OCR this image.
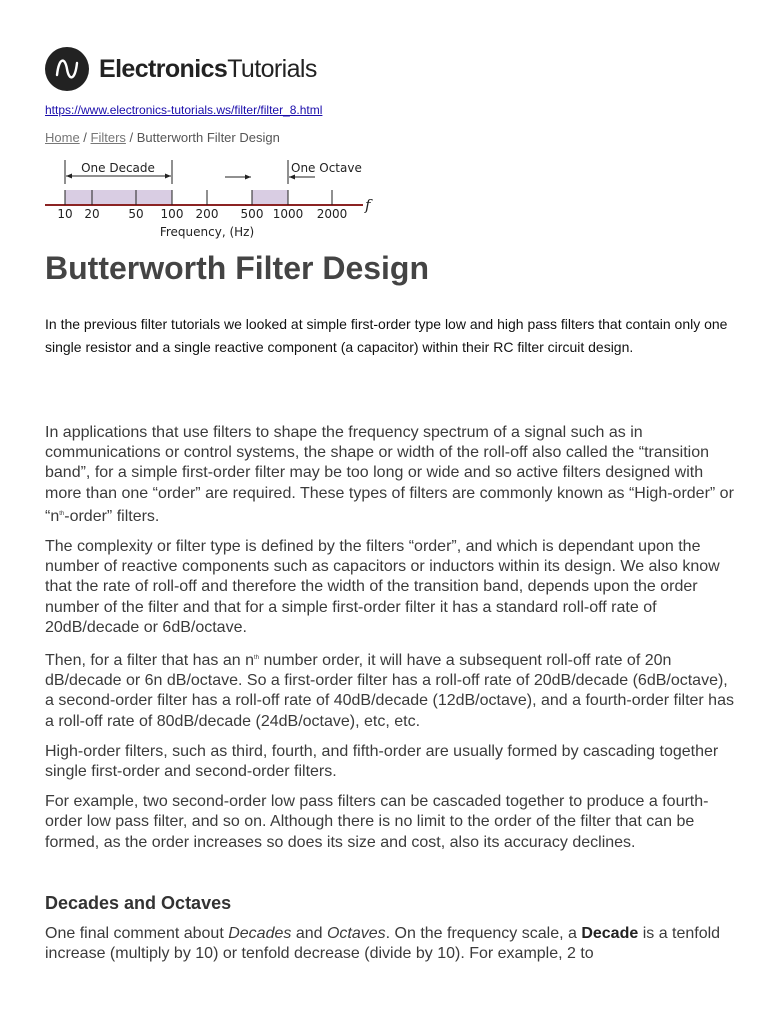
ElectronicsTutorials
https://www.electronics-tutorials.ws/filter/filter_8.html
Home / Filters / Butterworth Filter Design
One Decade	One Octave
10 20 50 100 200 500 1000 2000 f
Frequency, (Hz)
Butterworth Filter Design

In the previous filter tutorials we looked at simple first-order type low and high pass filters that contain only one single resistor and a single reactive component (a capacitor) within their RC filter circuit design.

In applications that use filters to shape the frequency spectrum of a signal such as in communications or control systems, the shape or width of the roll-off also called the “transition band”, for a simple first-order filter may be too long or wide and so active filters designed with more than one “order” are required. These types of filters are commonly known as “High-order” or “$n^{th}$-order” filters.

The complexity or filter type is defined by the filters “order”, and which is dependant upon the number of reactive components such as capacitors or inductors within its design. We also know that the rate of roll-off and therefore the width of the transition band, depends upon the order number of the filter and that for a simple first-order filter it has a standard roll-off rate of 20dB/decade or 6dB/octave.

Then, for a filter that has an $n^{th}$ number order, it will have a subsequent roll-off rate of 20n dB/decade or 6n dB/octave. So a first-order filter has a roll-off rate of 20dB/decade (6dB/octave), a second-order filter has a roll-off rate of 40dB/decade (12dB/octave), and a fourth-order filter has a roll-off rate of 80dB/decade (24dB/octave), etc, etc.

High-order filters, such as third, fourth, and fifth-order are usually formed by cascading together single first-order and second-order filters.

For example, two second-order low pass filters can be cascaded together to produce a fourth-order low pass filter, and so on. Although there is no limit to the order of the filter that can be formed, as the order increases so does its size and cost, also its accuracy declines.

Decades and Octaves

One final comment about Decades and Octaves. On the frequency scale, a Decade is a tenfold increase (multiply by 10) or tenfold decrease (divide by 10). For example, 2 to
